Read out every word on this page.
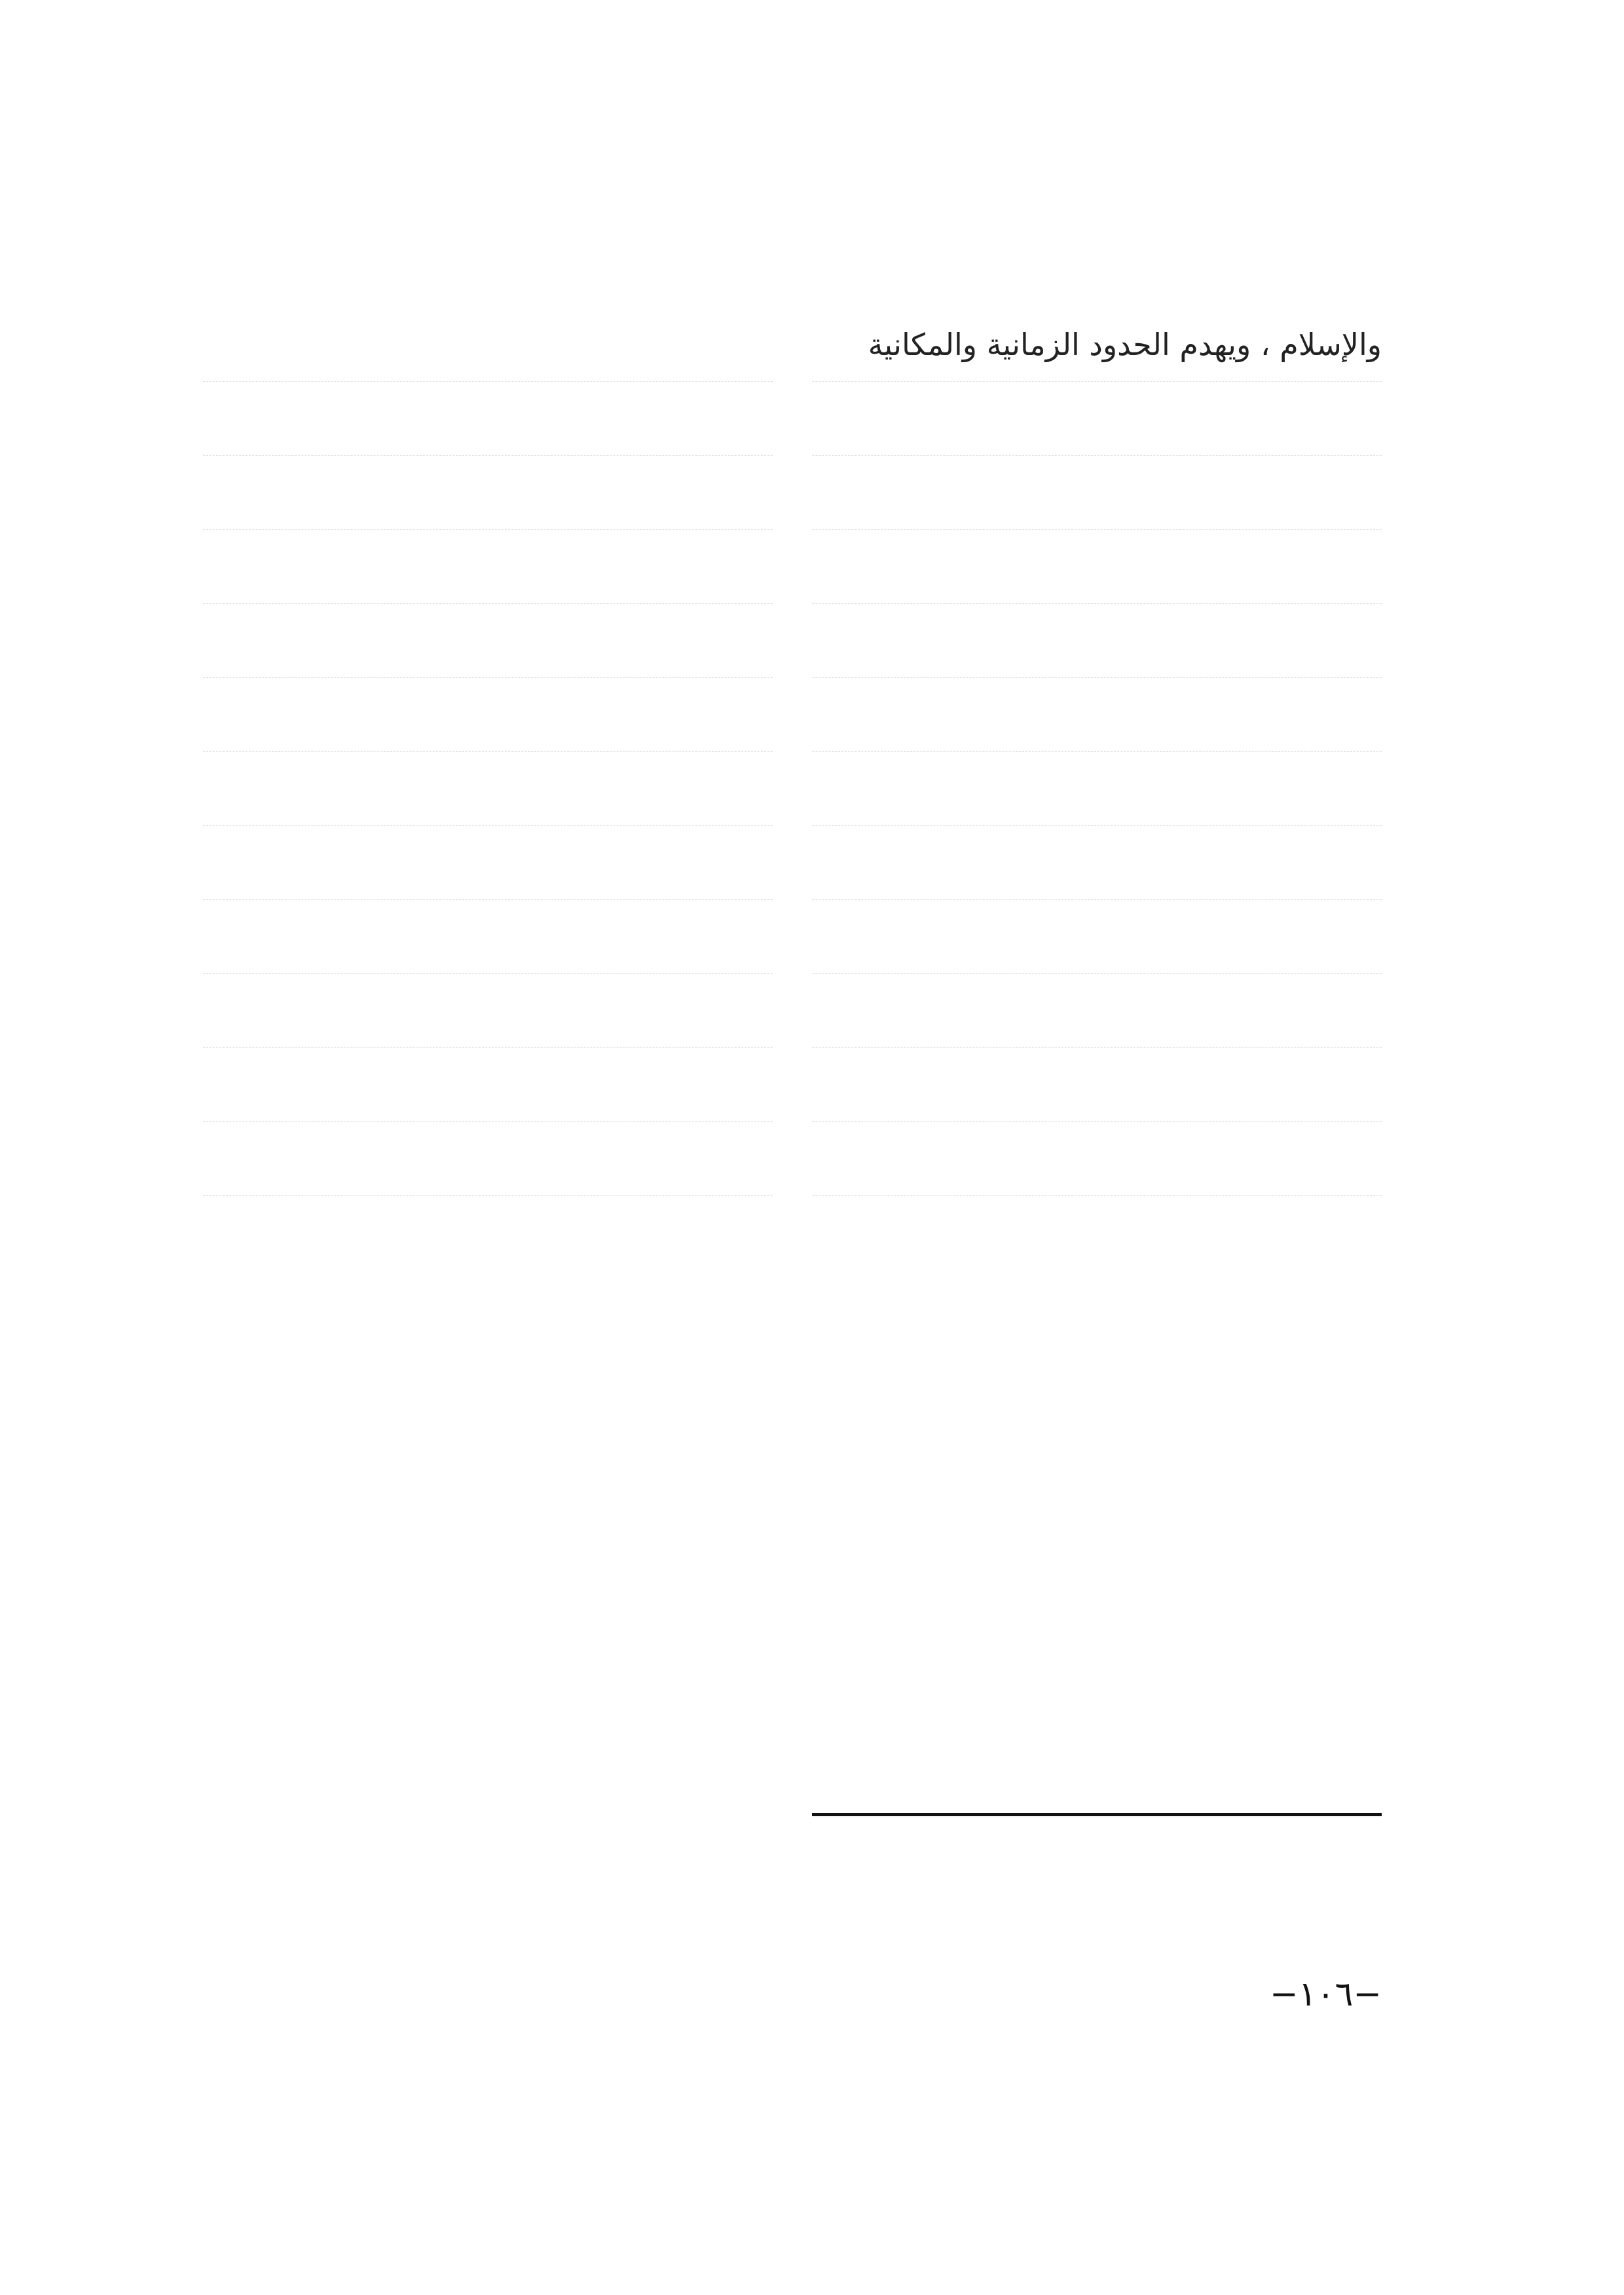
والإسلام ، ويهدم الحدود الزمانية والمكانية
−١٠٦−
